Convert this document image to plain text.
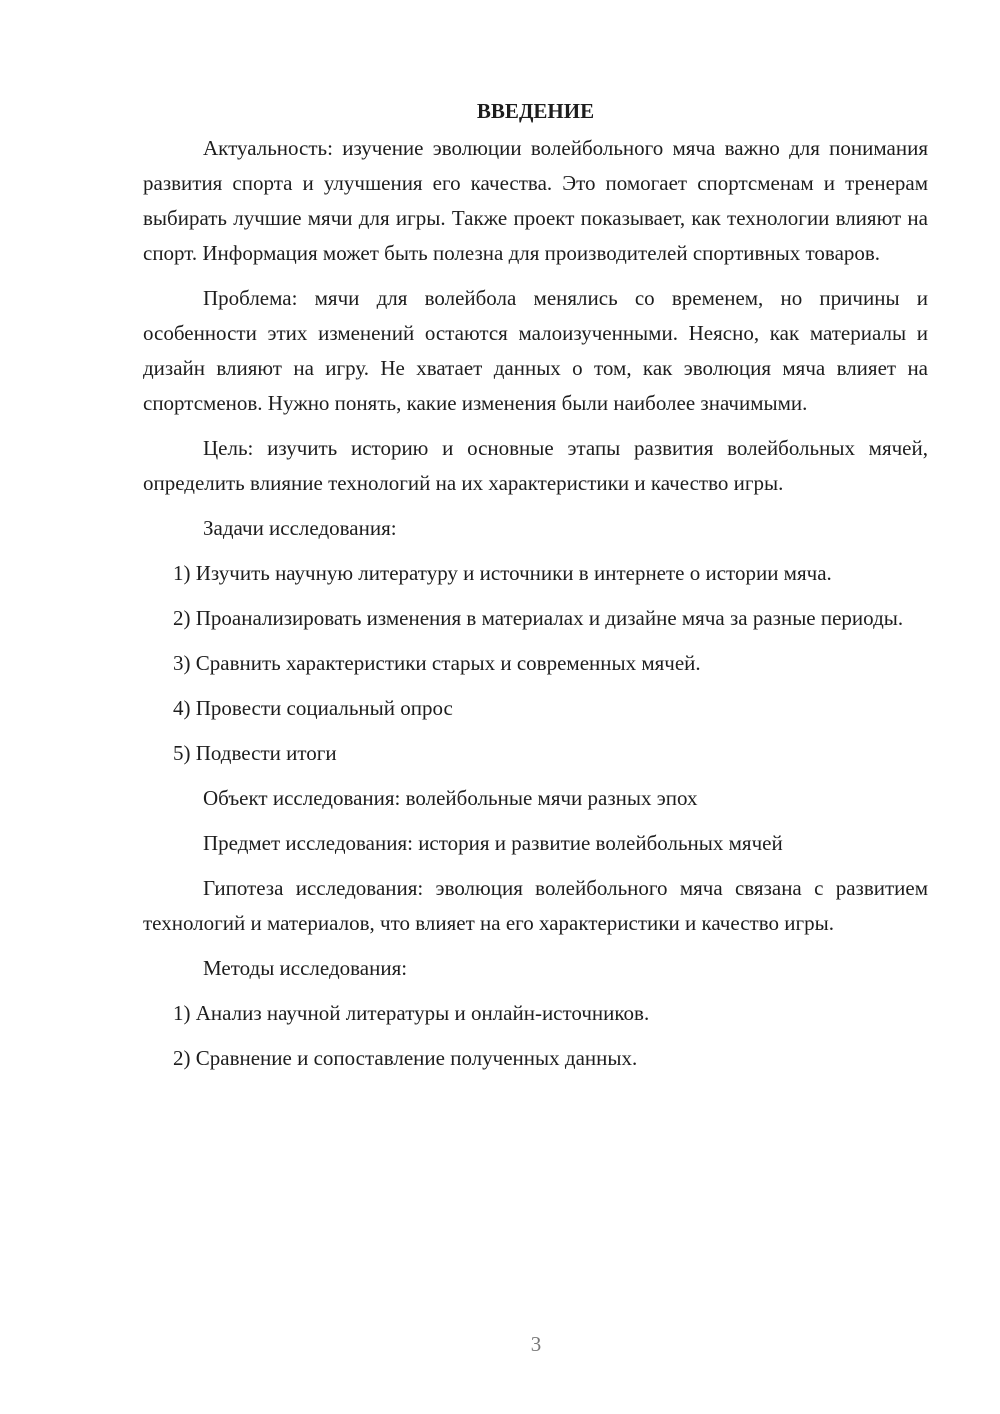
ВВЕДЕНИЕ

Актуальность: изучение эволюции волейбольного мяча важно для понимания развития спорта и улучшения его качества. Это помогает спортсменам и тренерам выбирать лучшие мячи для игры. Также проект показывает, как технологии влияют на спорт. Информация может быть полезна для производителей спортивных товаров.

Проблема: мячи для волейбола менялись со временем, но причины и особенности этих изменений остаются малоизученными. Неясно, как материалы и дизайн влияют на игру. Не хватает данных о том, как эволюция мяча влияет на спортсменов. Нужно понять, какие изменения были наиболее значимыми.

Цель: изучить историю и основные этапы развития волейбольных мячей, определить влияние технологий на их характеристики и качество игры.

Задачи исследования:

1) Изучить научную литературу и источники в интернете о истории мяча.

2) Проанализировать изменения в материалах и дизайне мяча за разные периоды.

3) Сравнить характеристики старых и современных мячей.

4) Провести социальный опрос

5) Подвести итоги

Объект исследования: волейбольные мячи разных эпох

Предмет исследования: история и развитие волейбольных мячей

Гипотеза исследования: эволюция волейбольного мяча связана с развитием технологий и материалов, что влияет на его характеристики и качество игры.

Методы исследования:

1) Анализ научной литературы и онлайн-источников.

2) Сравнение и сопоставление полученных данных.

3
